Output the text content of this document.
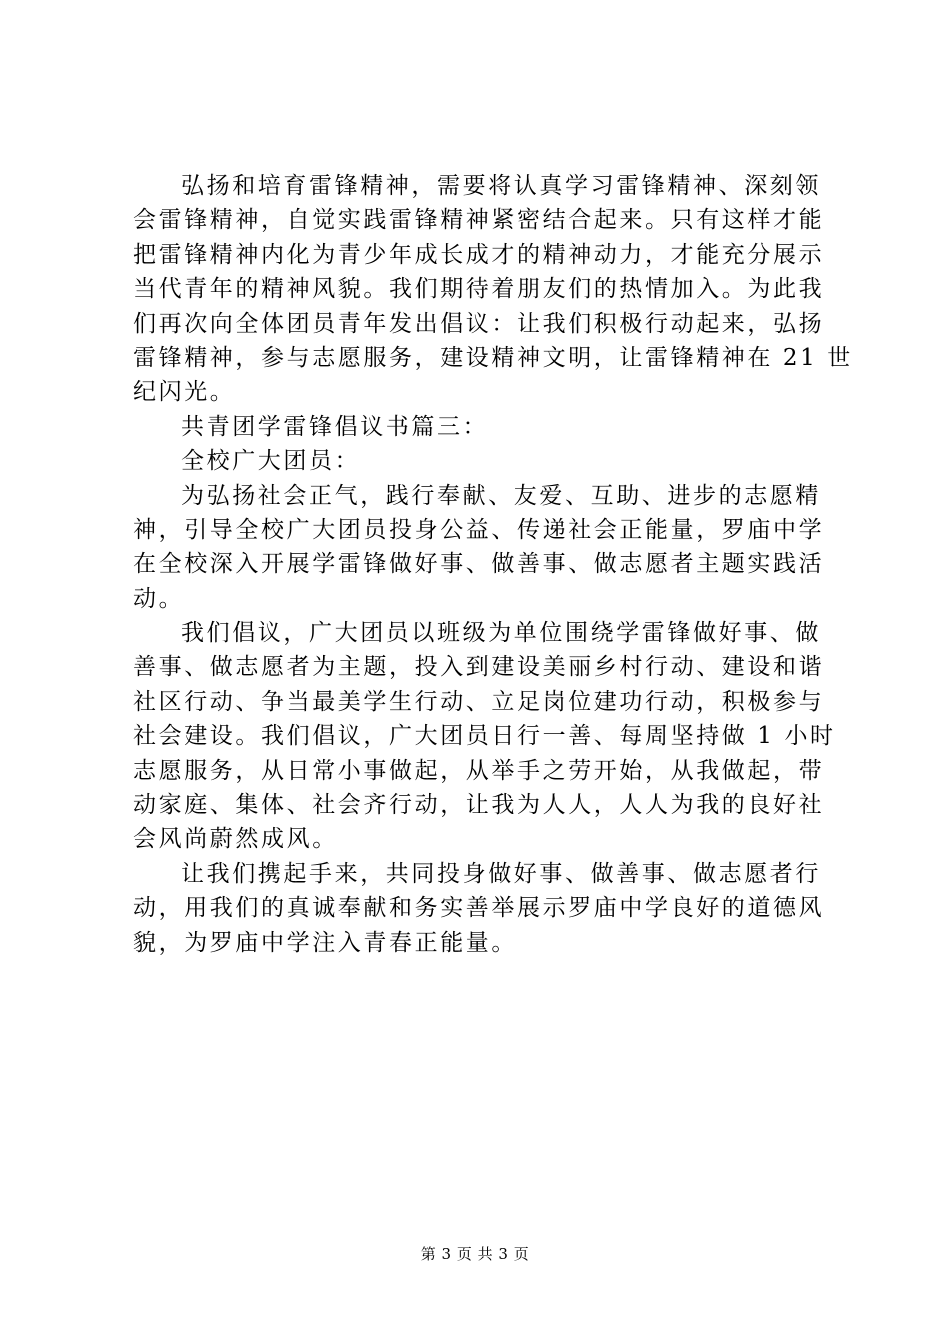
弘扬和培育雷锋精神，需要将认真学习雷锋精神、深刻领
会雷锋精神，自觉实践雷锋精神紧密结合起来。只有这样才能
把雷锋精神内化为青少年成长成才的精神动力，才能充分展示
当代青年的精神风貌。我们期待着朋友们的热情加入。为此我
们再次向全体团员青年发出倡议：让我们积极行动起来，弘扬
雷锋精神，参与志愿服务，建设精神文明，让雷锋精神在 21 世
纪闪光。
共青团学雷锋倡议书篇三：
全校广大团员：
为弘扬社会正气，践行奉献、友爱、互助、进步的志愿精
神，引导全校广大团员投身公益、传递社会正能量，罗庙中学
在全校深入开展学雷锋做好事、做善事、做志愿者主题实践活
动。
我们倡议，广大团员以班级为单位围绕学雷锋做好事、做
善事、做志愿者为主题，投入到建设美丽乡村行动、建设和谐
社区行动、争当最美学生行动、立足岗位建功行动，积极参与
社会建设。我们倡议，广大团员日行一善、每周坚持做 1 小时
志愿服务，从日常小事做起，从举手之劳开始，从我做起，带
动家庭、集体、社会齐行动，让我为人人，人人为我的良好社
会风尚蔚然成风。
让我们携起手来，共同投身做好事、做善事、做志愿者行
动，用我们的真诚奉献和务实善举展示罗庙中学良好的道德风
貌，为罗庙中学注入青春正能量。
第 3 页 共 3 页
